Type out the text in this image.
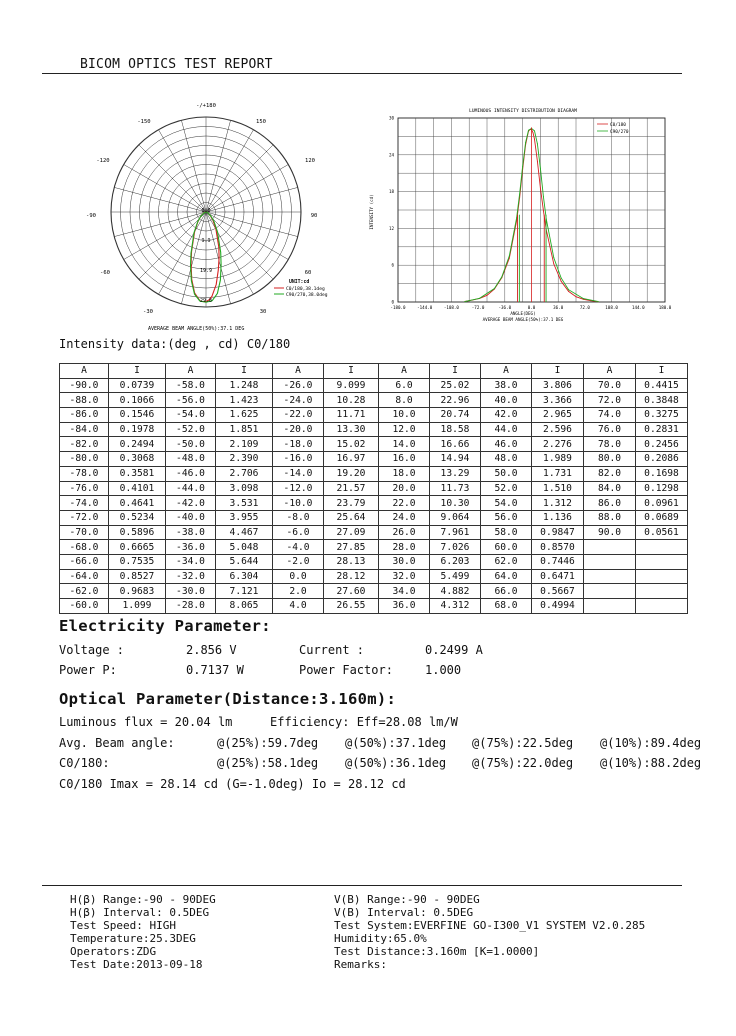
BICOM OPTICS TEST REPORT
-/+180
-150	150
-120	120
-90	90
-60	60
-30	30
0.0
9.9
19.9
29.8
UNIT:cd
C0/180,38.1deg
C90/270,38.0deg
AVERAGE BEAM ANGLE(50%):37.1 DEG
LUMINOUS INTENSITY DISTRIBUTION DIAGRAM
-180.0	-144.0	-108.0	-72.0	-36.0	0.0	36.0	72.0	108.0	144.0	180.0
0
6
12
18
24
30
INTENSITY (cd)
ANGLE(DEG)
AVERAGE BEAM ANGLE(50%):37.1 DEG
C0/180
C90/270
Intensity data:(deg , cd) C0/180
A	I	A	I	A	I	A	I	A	I	A	I
-90.0	0.0739	-58.0	1.248	-26.0	9.099	6.0	25.02	38.0	3.806	70.0	0.4415
-88.0	0.1066	-56.0	1.423	-24.0	10.28	8.0	22.96	40.0	3.366	72.0	0.3848
-86.0	0.1546	-54.0	1.625	-22.0	11.71	10.0	20.74	42.0	2.965	74.0	0.3275
-84.0	0.1978	-52.0	1.851	-20.0	13.30	12.0	18.58	44.0	2.596	76.0	0.2831
-82.0	0.2494	-50.0	2.109	-18.0	15.02	14.0	16.66	46.0	2.276	78.0	0.2456
-80.0	0.3068	-48.0	2.390	-16.0	16.97	16.0	14.94	48.0	1.989	80.0	0.2086
-78.0	0.3581	-46.0	2.706	-14.0	19.20	18.0	13.29	50.0	1.731	82.0	0.1698
-76.0	0.4101	-44.0	3.098	-12.0	21.57	20.0	11.73	52.0	1.510	84.0	0.1298
-74.0	0.4641	-42.0	3.531	-10.0	23.79	22.0	10.30	54.0	1.312	86.0	0.0961
-72.0	0.5234	-40.0	3.955	-8.0	25.64	24.0	9.064	56.0	1.136	88.0	0.0689
-70.0	0.5896	-38.0	4.467	-6.0	27.09	26.0	7.961	58.0	0.9847	90.0	0.0561
-68.0	0.6665	-36.0	5.048	-4.0	27.85	28.0	7.026	60.0	0.8570		
-66.0	0.7535	-34.0	5.644	-2.0	28.13	30.0	6.203	62.0	0.7446		
-64.0	0.8527	-32.0	6.304	0.0	28.12	32.0	5.499	64.0	0.6471		
-62.0	0.9683	-30.0	7.121	2.0	27.60	34.0	4.882	66.0	0.5667		
-60.0	1.099	-28.0	8.065	4.0	26.55	36.0	4.312	68.0	0.4994		
Electricity Parameter:
Voltage :	2.856 V	Current :	0.2499 A
Power P:	0.7137 W	Power Factor:	1.000
Optical Parameter(Distance:3.160m):
Luminous flux = 20.04 lm	Efficiency: Eff=28.08 lm/W
Avg. Beam angle:	@(25%):59.7deg @(50%):37.1deg @(75%):22.5deg @(10%):89.4deg
C0/180:	@(25%):58.1deg @(50%):36.1deg @(75%):22.0deg @(10%):88.2deg
C0/180 Imax = 28.14 cd (G=-1.0deg) Io = 28.12 cd
H(β) Range:-90 - 90DEG
H(β) Interval: 0.5DEG
Test Speed: HIGH
Temperature:25.3DEG
Operators:ZDG
Test Date:2013-09-18
V(B) Range:-90 - 90DEG
V(B) Interval: 0.5DEG
Test System:EVERFINE GO-I300_V1 SYSTEM V2.0.285
Humidity:65.0%
Test Distance:3.160m [K=1.0000]
Remarks:
